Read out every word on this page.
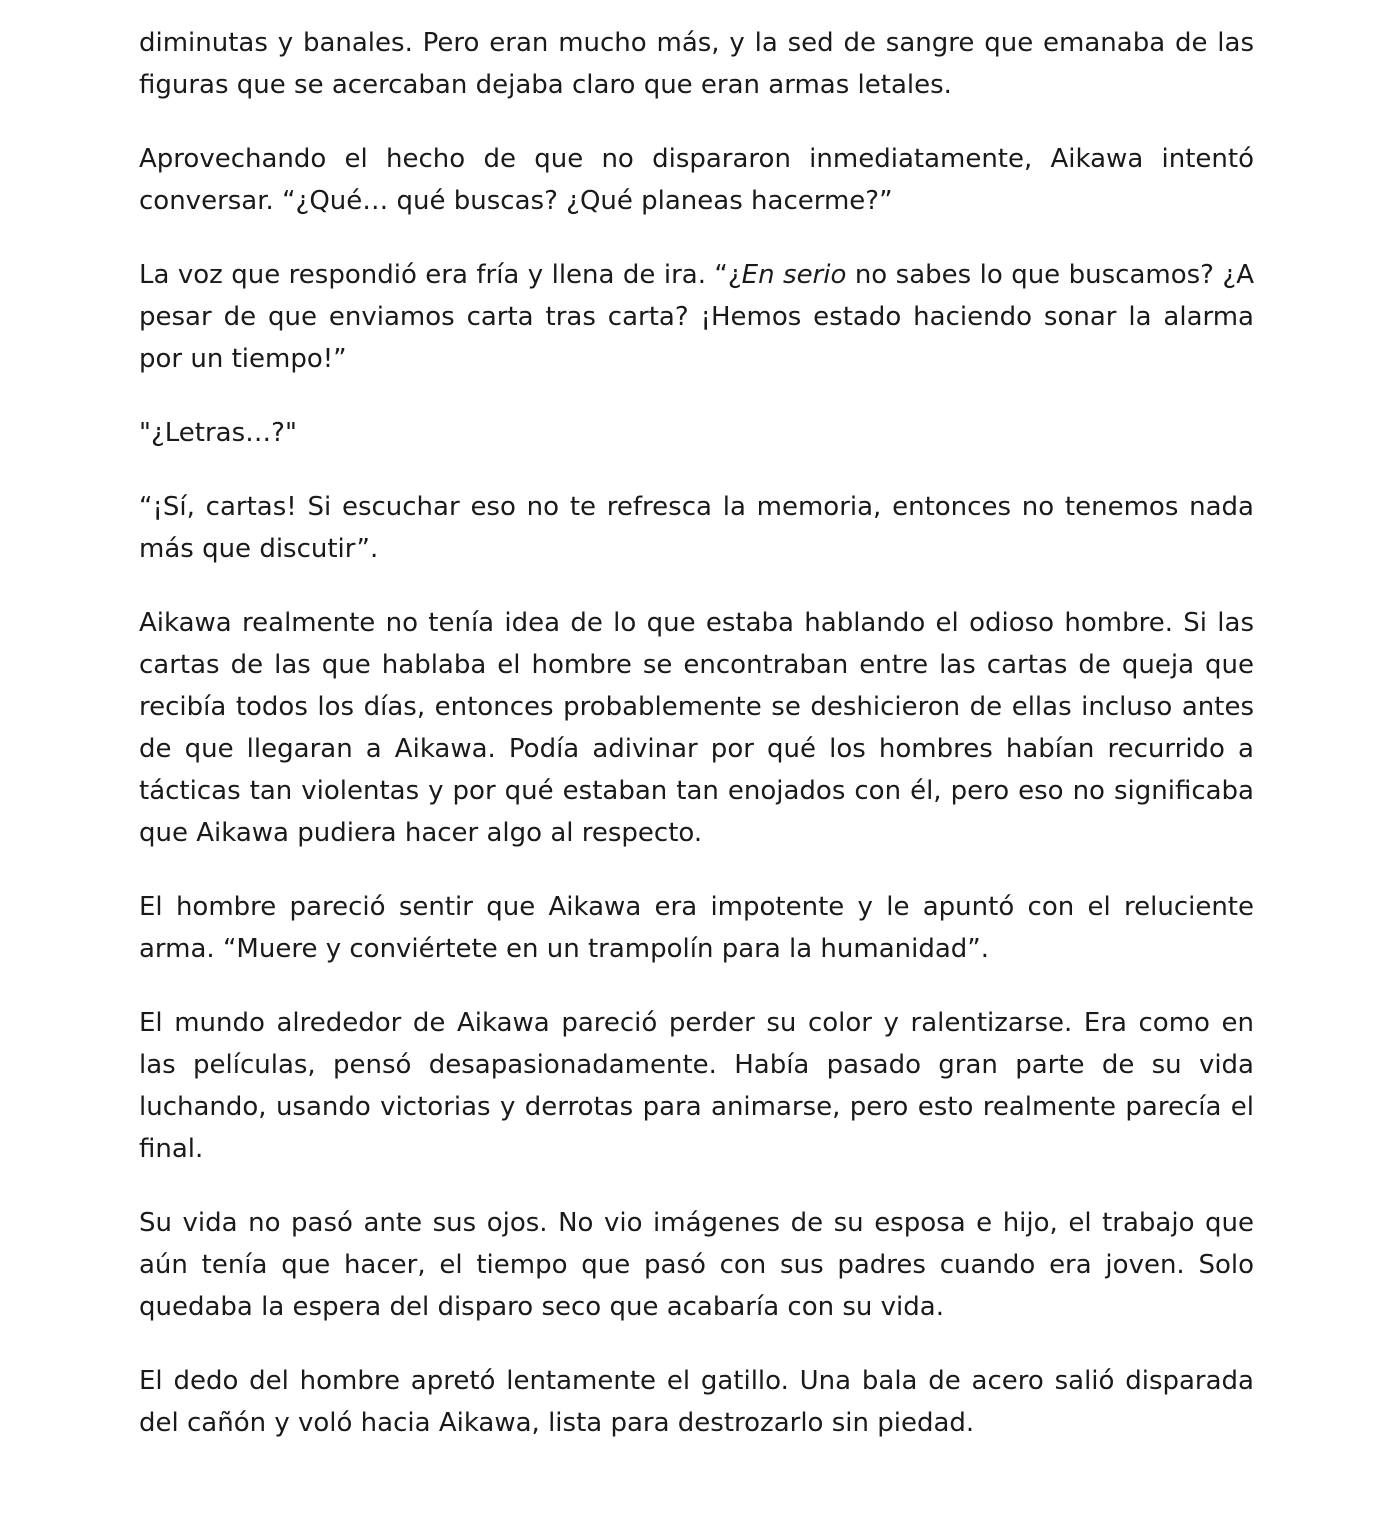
diminutas y banales. Pero eran mucho más, y la sed de sangre que emanaba de las figuras que se acercaban dejaba claro que eran armas letales.

Aprovechando el hecho de que no dispararon inmediatamente, Aikawa intentó conversar. “¿Qué… qué buscas? ¿Qué planeas hacerme?”

La voz que respondió era fría y llena de ira. “¿En serio no sabes lo que buscamos? ¿A pesar de que enviamos carta tras carta? ¡Hemos estado haciendo sonar la alarma por un tiempo!”

"¿Letras…?"

“¡Sí, cartas! Si escuchar eso no te refresca la memoria, entonces no tenemos nada más que discutir”.

Aikawa realmente no tenía idea de lo que estaba hablando el odioso hombre. Si las cartas de las que hablaba el hombre se encontraban entre las cartas de queja que recibía todos los días, entonces probablemente se deshicieron de ellas incluso antes de que llegaran a Aikawa. Podía adivinar por qué los hombres habían recurrido a tácticas tan violentas y por qué estaban tan enojados con él, pero eso no significaba que Aikawa pudiera hacer algo al respecto.

El hombre pareció sentir que Aikawa era impotente y le apuntó con el reluciente arma. “Muere y conviértete en un trampolín para la humanidad”.

El mundo alrededor de Aikawa pareció perder su color y ralentizarse. Era como en las películas, pensó desapasionadamente. Había pasado gran parte de su vida luchando, usando victorias y derrotas para animarse, pero esto realmente parecía el final.

Su vida no pasó ante sus ojos. No vio imágenes de su esposa e hijo, el trabajo que aún tenía que hacer, el tiempo que pasó con sus padres cuando era joven. Solo quedaba la espera del disparo seco que acabaría con su vida.

El dedo del hombre apretó lentamente el gatillo. Una bala de acero salió disparada del cañón y voló hacia Aikawa, lista para destrozarlo sin piedad.
